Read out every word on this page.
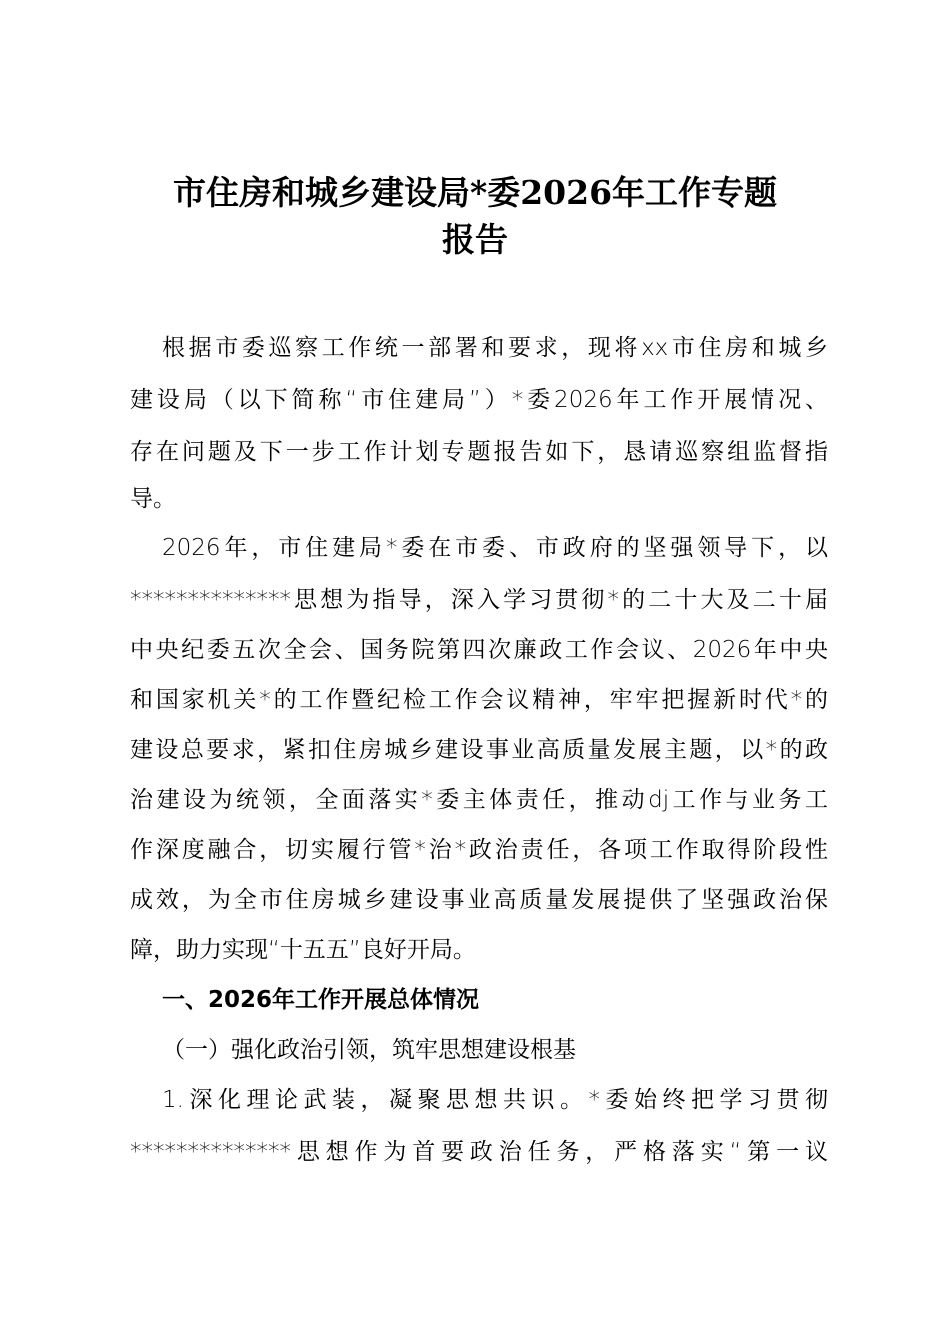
市住房和城乡建设局*委2026年工作专题
报告
根据市委巡察工作统一部署和要求，现将xx市住房和城乡
建设局（以下简称“市住建局”）*委2026年工作开展情况、
存在问题及下一步工作计划专题报告如下，恳请巡察组监督指
导。
2026年，市住建局*委在市委、市政府的坚强领导下，以
**************思想为指导，深入学习贯彻*的二十大及二十届
中央纪委五次全会、国务院第四次廉政工作会议、2026年中央
和国家机关*的工作暨纪检工作会议精神，牢牢把握新时代*的
建设总要求，紧扣住房城乡建设事业高质量发展主题，以*的政
治建设为统领，全面落实*委主体责任，推动dj工作与业务工
作深度融合，切实履行管*治*政治责任，各项工作取得阶段性
成效，为全市住房城乡建设事业高质量发展提供了坚强政治保
障，助力实现“十五五”良好开局。
一、2026年工作开展总体情况
（一）强化政治引领，筑牢思想建设根基
1.深化理论武装，凝聚思想共识。*委始终把学习贯彻
**************思想作为首要政治任务，严格落实“第一议
